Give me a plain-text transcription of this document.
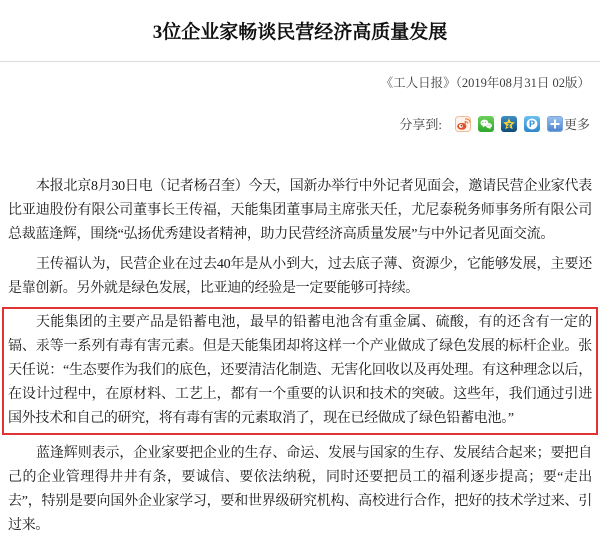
3位企业家畅谈民营经济高质量发展
《工人日报》（2019年08月31日 02版）
分享到:	P 更多

本报北京8月30日电（记者杨召奎）今天，国新办举行中外记者见面会，邀请民营企业家代表比亚迪股份有限公司董事长王传福，天能集团董事局主席张天任，尤尼泰税务师事务所有限公司总裁蓝逢辉，围绕“弘扬优秀建设者精神，助力民营经济高质量发展”与中外记者见面交流。

王传福认为，民营企业在过去40年是从小到大，过去底子薄、资源少，它能够发展，主要还是靠创新。另外就是绿色发展，比亚迪的经验是一定要能够可持续。

天能集团的主要产品是铅蓄电池，最早的铅蓄电池含有重金属、硫酸，有的还含有一定的镉、汞等一系列有毒有害元素。但是天能集团却将这样一个产业做成了绿色发展的标杆企业。张天任说：“生态要作为我们的底色，还要清洁化制造、无害化回收以及再处理。有这种理念以后，在设计过程中，在原材料、工艺上，都有一个重要的认识和技术的突破。这些年，我们通过引进国外技术和自己的研究，将有毒有害的元素取消了，现在已经做成了绿色铅蓄电池。”

蓝逢辉则表示，企业家要把企业的生存、命运、发展与国家的生存、发展结合起来；要把自己的企业管理得井井有条，要诚信、要依法纳税，同时还要把员工的福利逐步提高；要“走出去”，特别是要向国外企业家学习，要和世界级研究机构、高校进行合作，把好的技术学过来、引过来。
